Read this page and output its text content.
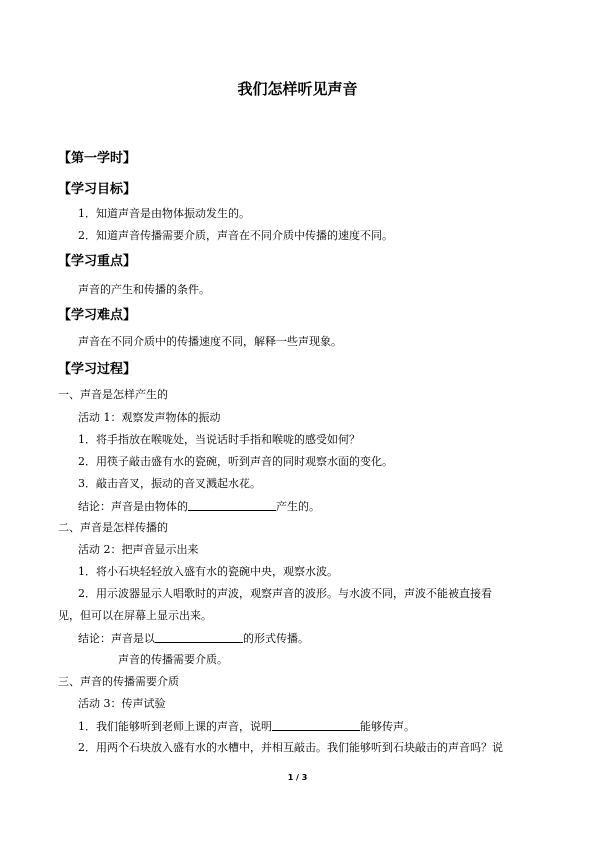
我们怎样听见声音
【第一学时】
【学习目标】
1．知道声音是由物体振动发生的。
2．知道声音传播需要介质，声音在不同介质中传播的速度不同。
【学习重点】
声音的产生和传播的条件。
【学习难点】
声音在不同介质中的传播速度不同，解释一些声现象。
【学习过程】
一、声音是怎样产生的
活动 1：观察发声物体的振动
1．将手指放在喉咙处，当说话时手指和喉咙的感受如何？
2．用筷子敲击盛有水的瓷碗，听到声音的同时观察水面的变化。
3．敲击音叉，振动的音叉溅起水花。
结论：声音是由物体的	产生的。
二、声音是怎样传播的
活动 2：把声音显示出来
1．将小石块轻轻放入盛有水的瓷碗中央，观察水波。
2．用示波器显示人唱歌时的声波，观察声音的波形。与水波不同，声波不能被直接看
见，但可以在屏幕上显示出来。
结论：声音是以	的形式传播。
声音的传播需要介质。
三、声音的传播需要介质
活动 3：传声试验
1．我们能够听到老师上课的声音，说明	能够传声。
2．用两个石块放入盛有水的水槽中，并相互敲击。我们能够听到石块敲击的声音吗？说
1 / 3
